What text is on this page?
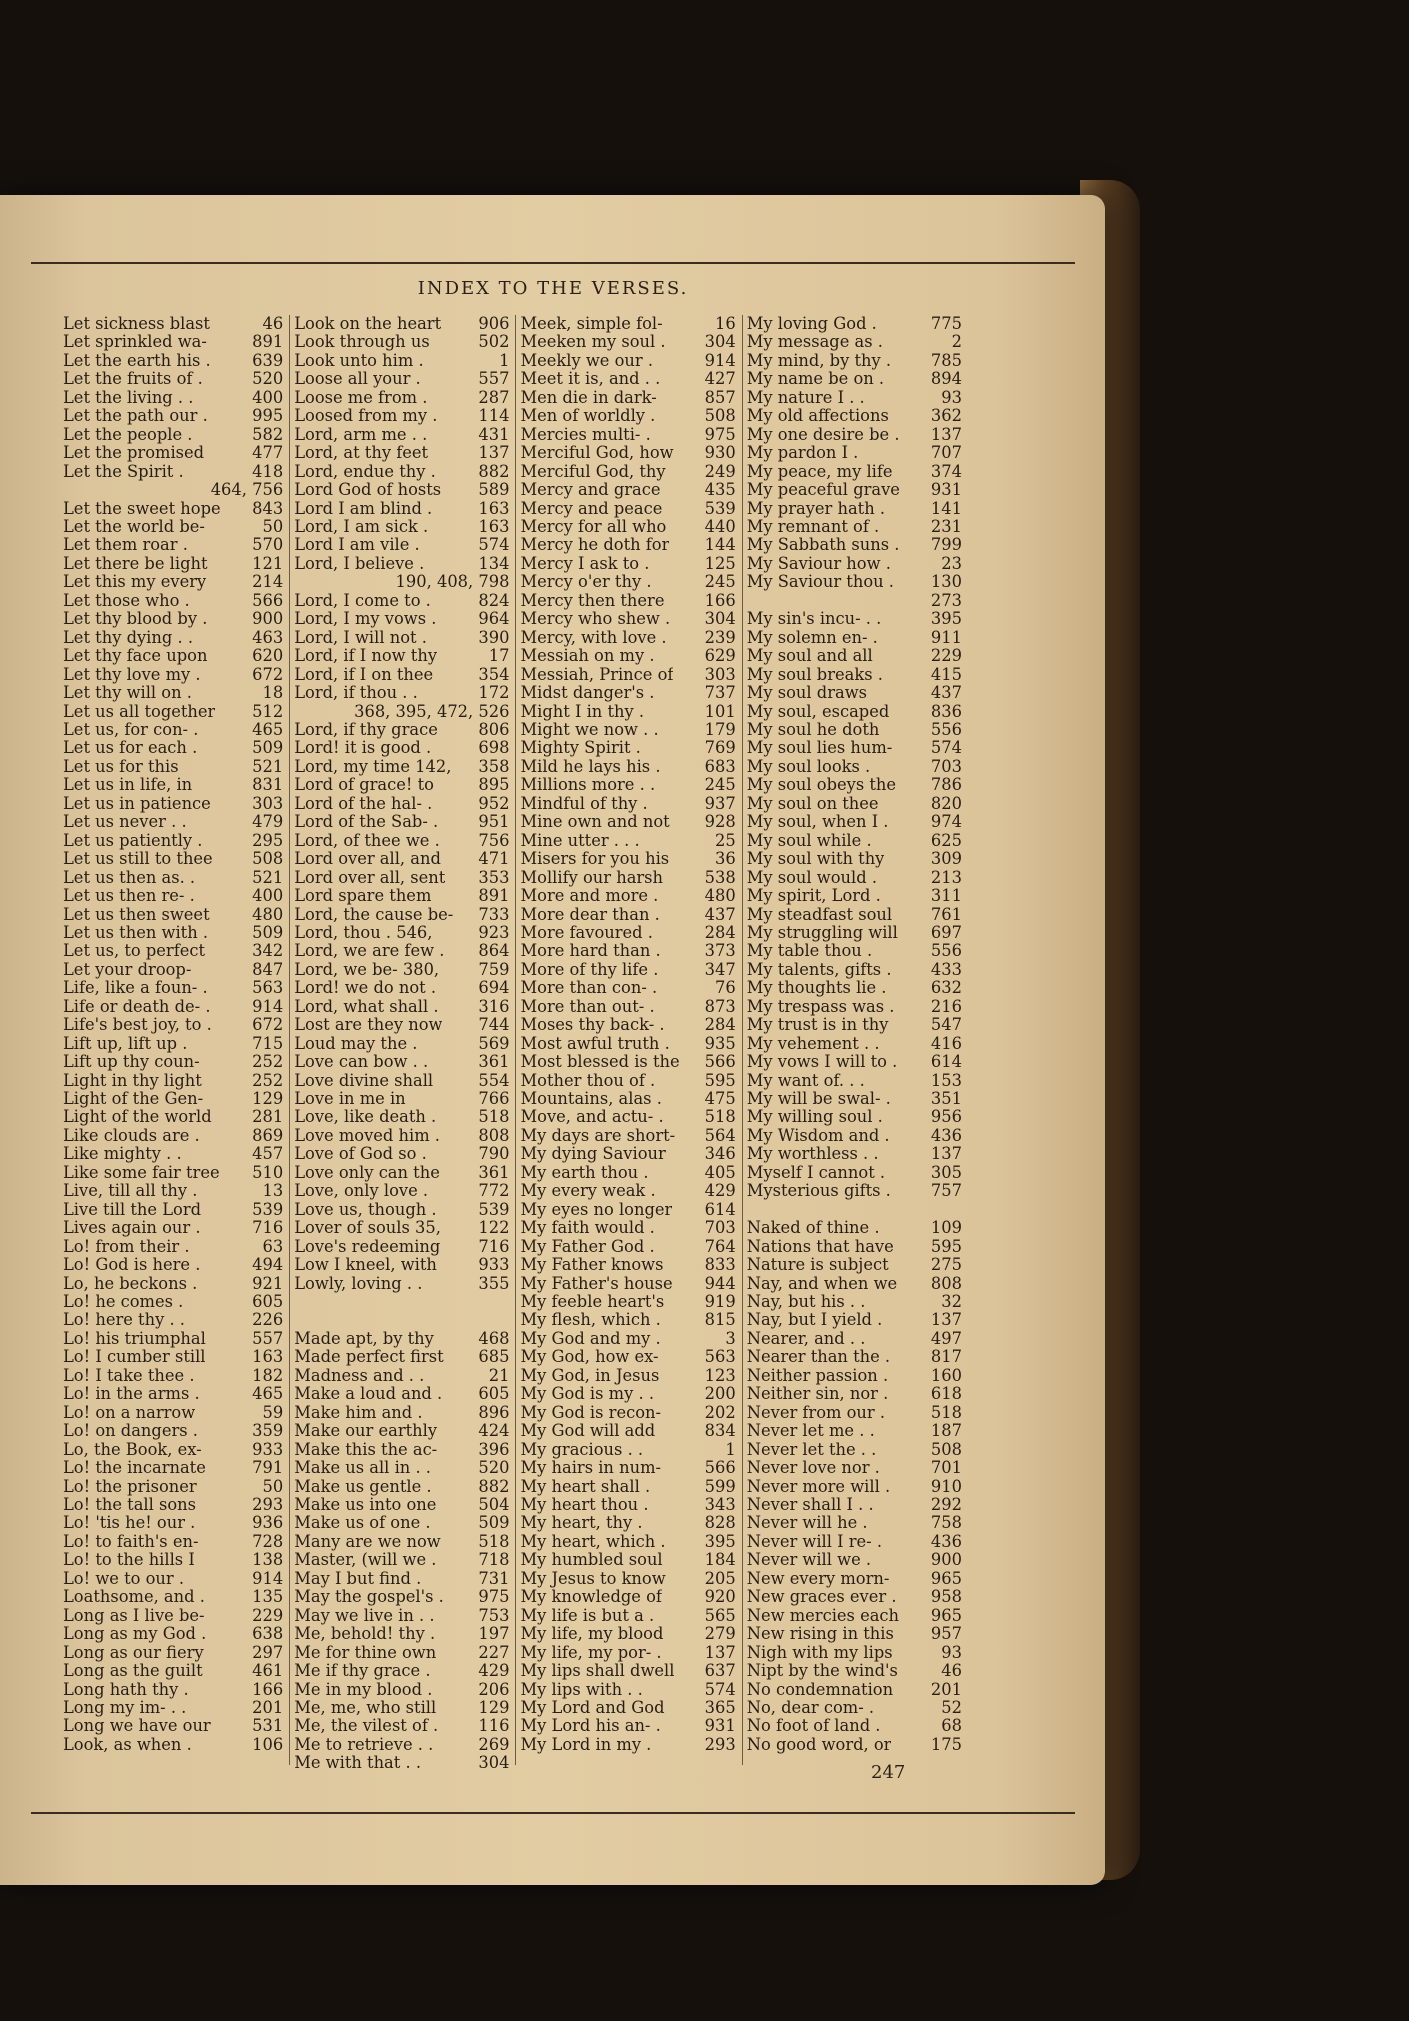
INDEX TO THE VERSES.
Let sickness blast	46
Let sprinkled wa-	891
Let the earth his .	639
Let the fruits of .	520
Let the living . .	400
Let the path our .	995
Let the people .	582
Let the promised	477
Let the Spirit .	418
464, 756
Let the sweet hope 843
Let the world be-	50
Let them roar .	570
Let there be light	121
Let this my every	214
Let those who .	566
Let thy blood by .	900
Let thy dying . .	463
Let thy face upon	620
Let thy love my .	672
Let thy will on .	18
Let us all together 512
Let us, for con- .	465
Let us for each .	509
Let us for this	521
Let us in life, in	831
Let us in patience	303
Let us never . .	479
Let us patiently .	295
Let us still to thee 508
Let us then as. .	521
Let us then re- .	400
Let us then sweet	480
Let us then with .	509
Let us, to perfect	342
Let your droop-	847
Life, like a foun- .	563
Life or death de- .	914
Life's best joy, to . 672
Lift up, lift up .	715
Lift up thy coun-	252
Light in thy light	252
Light of the Gen-	129
Light of the world 281
Like clouds are .	869
Like mighty . .	457
Like some fair tree 510
Live, till all thy .	13
Live till the Lord	539
Lives again our .	716
Lo! from their .	63
Lo! God is here .	494
Lo, he beckons .	921
Lo! he comes .	605
Lo! here thy . .	226
Lo! his triumphal	557
Lo! I cumber still	163
Lo! I take thee .	182
Lo! in the arms .	465
Lo! on a narrow	59
Lo! on dangers .	359
Lo, the Book, ex-	933
Lo! the incarnate	791
Lo! the prisoner	50
Lo! the tall sons	293
Lo! 'tis he! our .	936
Lo! to faith's en-	728
Lo! to the hills I	138
Lo! we to our .	914
Loathsome, and .	135
Long as I live be-	229
Long as my God .	638
Long as our fiery	297
Long as the guilt	461
Long hath thy .	166
Long my im- . .	201
Long we have our	531
Look, as when .	106
Look on the heart 906
Look through us	502
Look unto him .	1
Loose all your .	557
Loose me from .	287
Loosed from my .	114
Lord, arm me . .	431
Lord, at thy feet	137
Lord, endue thy .	882
Lord God of hosts 589
Lord I am blind .	163
Lord, I am sick .	163
Lord I am vile .	574
Lord, I believe .	134
190, 408, 798
Lord, I come to .	824
Lord, I my vows .	964
Lord, I will not .	390
Lord, if I now thy	17
Lord, if I on thee	354
Lord, if thou . .	172
368, 395, 472, 526
Lord, if thy grace 806
Lord! it is good .	698
Lord, my time 142, 358
Lord of grace! to	895
Lord of the hal- .	952
Lord of the Sab- . 951
Lord, of thee we . 756
Lord over all, and 471
Lord over all, sent 353
Lord spare them	891
Lord, the cause be- 733
Lord, thou . 546,	923
Lord, we are few . 864
Lord, we be- 380, 759
Lord! we do not .	694
Lord, what shall . 316
Lost are they now 744
Loud may the .	569
Love can bow . .	361
Love divine shall	554
Love in me in	766
Love, like death .	518
Love moved him . 808
Love of God so .	790
Love only can the 361
Love, only love .	772
Love us, though .	539
Lover of souls 35, 122
Love's redeeming 716
Low I kneel, with	933
Lowly, loving . .	355
Made apt, by thy	468
Made perfect first 685
Madness and . .	21
Make a loud and . 605
Make him and .	896
Make our earthly	424
Make this the ac-	396
Make us all in . .	520
Make us gentle .	882
Make us into one	504
Make us of one .	509
Many are we now 518
Master, (will we .	718
May I but find .	731
May the gospel's . 975
May we live in . .	753
Me, behold! thy .	197
Me for thine own	227
Me if thy grace .	429
Me in my blood .	206
Me, me, who still	129
Me, the vilest of . 116
Me to retrieve . .	269
Me with that . .	304
Meek, simple fol-	16
Meeken my soul . 304
Meekly we our .	914
Meet it is, and . .	427
Men die in dark-	857
Men of worldly .	508
Mercies multi- .	975
Merciful God, how 930
Merciful God, thy 249
Mercy and grace	435
Mercy and peace	539
Mercy for all who 440
Mercy he doth for 144
Mercy I ask to .	125
Mercy o'er thy .	245
Mercy then there 166
Mercy who shew . 304
Mercy, with love . 239
Messiah on my .	629
Messiah, Prince of 303
Midst danger's .	737
Might I in thy .	101
Might we now . .	179
Mighty Spirit .	769
Mild he lays his .	683
Millions more . .	245
Mindful of thy .	937
Mine own and not 928
Mine utter . . .	25
Misers for you his	36
Mollify our harsh	538
More and more .	480
More dear than .	437
More favoured .	284
More hard than .	373
More of thy life .	347
More than con- .	76
More than out- .	873
Moses thy back- . 284
Most awful truth . 935
Most blessed is the 566
Mother thou of .	595
Mountains, alas .	475
Move, and actu- .	518
My days are short- 564
My dying Saviour 346
My earth thou .	405
My every weak .	429
My eyes no longer 614
My faith would .	703
My Father God .	764
My Father knows	833
My Father's house 944
My feeble heart's 919
My flesh, which .	815
My God and my .	3
My God, how ex-	563
My God, in Jesus	123
My God is my . .	200
My God is recon-	202
My God will add	834
My gracious . .	1
My hairs in num-	566
My heart shall .	599
My heart thou .	343
My heart, thy .	828
My heart, which . 395
My humbled soul	184
My Jesus to know 205
My knowledge of	920
My life is but a .	565
My life, my blood	279
My life, my por- .	137
My lips shall dwell 637
My lips with . .	574
My Lord and God 365
My Lord his an- .	931
My Lord in my .	293
My loving God .	775
My message as .	2
My mind, by thy . 785
My name be on .	894
My nature I . .	93
My old affections	362
My one desire be . 137
My pardon I .	707
My peace, my life 374
My peaceful grave 931
My prayer hath .	141
My remnant of .	231
My Sabbath suns . 799
My Saviour how .	23
My Saviour thou . 130
273
My sin's incu- . .	395
My solemn en- .	911
My soul and all	229
My soul breaks .	415
My soul draws	437
My soul, escaped	836
My soul he doth	556
My soul lies hum- 574
My soul looks .	703
My soul obeys the 786
My soul on thee	820
My soul, when I .	974
My soul while .	625
My soul with thy	309
My soul would .	213
My spirit, Lord .	311
My steadfast soul 761
My struggling will 697
My table thou .	556
My talents, gifts . 433
My thoughts lie .	632
My trespass was . 216
My trust is in thy	547
My vehement . .	416
My vows I will to . 614
My want of. . .	153
My will be swal- . 351
My willing soul .	956
My Wisdom and .	436
My worthless . .	137
Myself I cannot .	305
Mysterious gifts . 757
Naked of thine .	109
Nations that have 595
Nature is subject	275
Nay, and when we 808
Nay, but his . .	32
Nay, but I yield .	137
Nearer, and . .	497
Nearer than the .	817
Neither passion .	160
Neither sin, nor .	618
Never from our .	518
Never let me . .	187
Never let the . .	508
Never love nor .	701
Never more will .	910
Never shall I . .	292
Never will he .	758
Never will I re- .	436
Never will we .	900
New every morn-	965
New graces ever . 958
New mercies each 965
New rising in this 957
Nigh with my lips	93
Nipt by the wind's	46
No condemnation 201
No, dear com- .	52
No foot of land .	68
No good word, or 175
247
